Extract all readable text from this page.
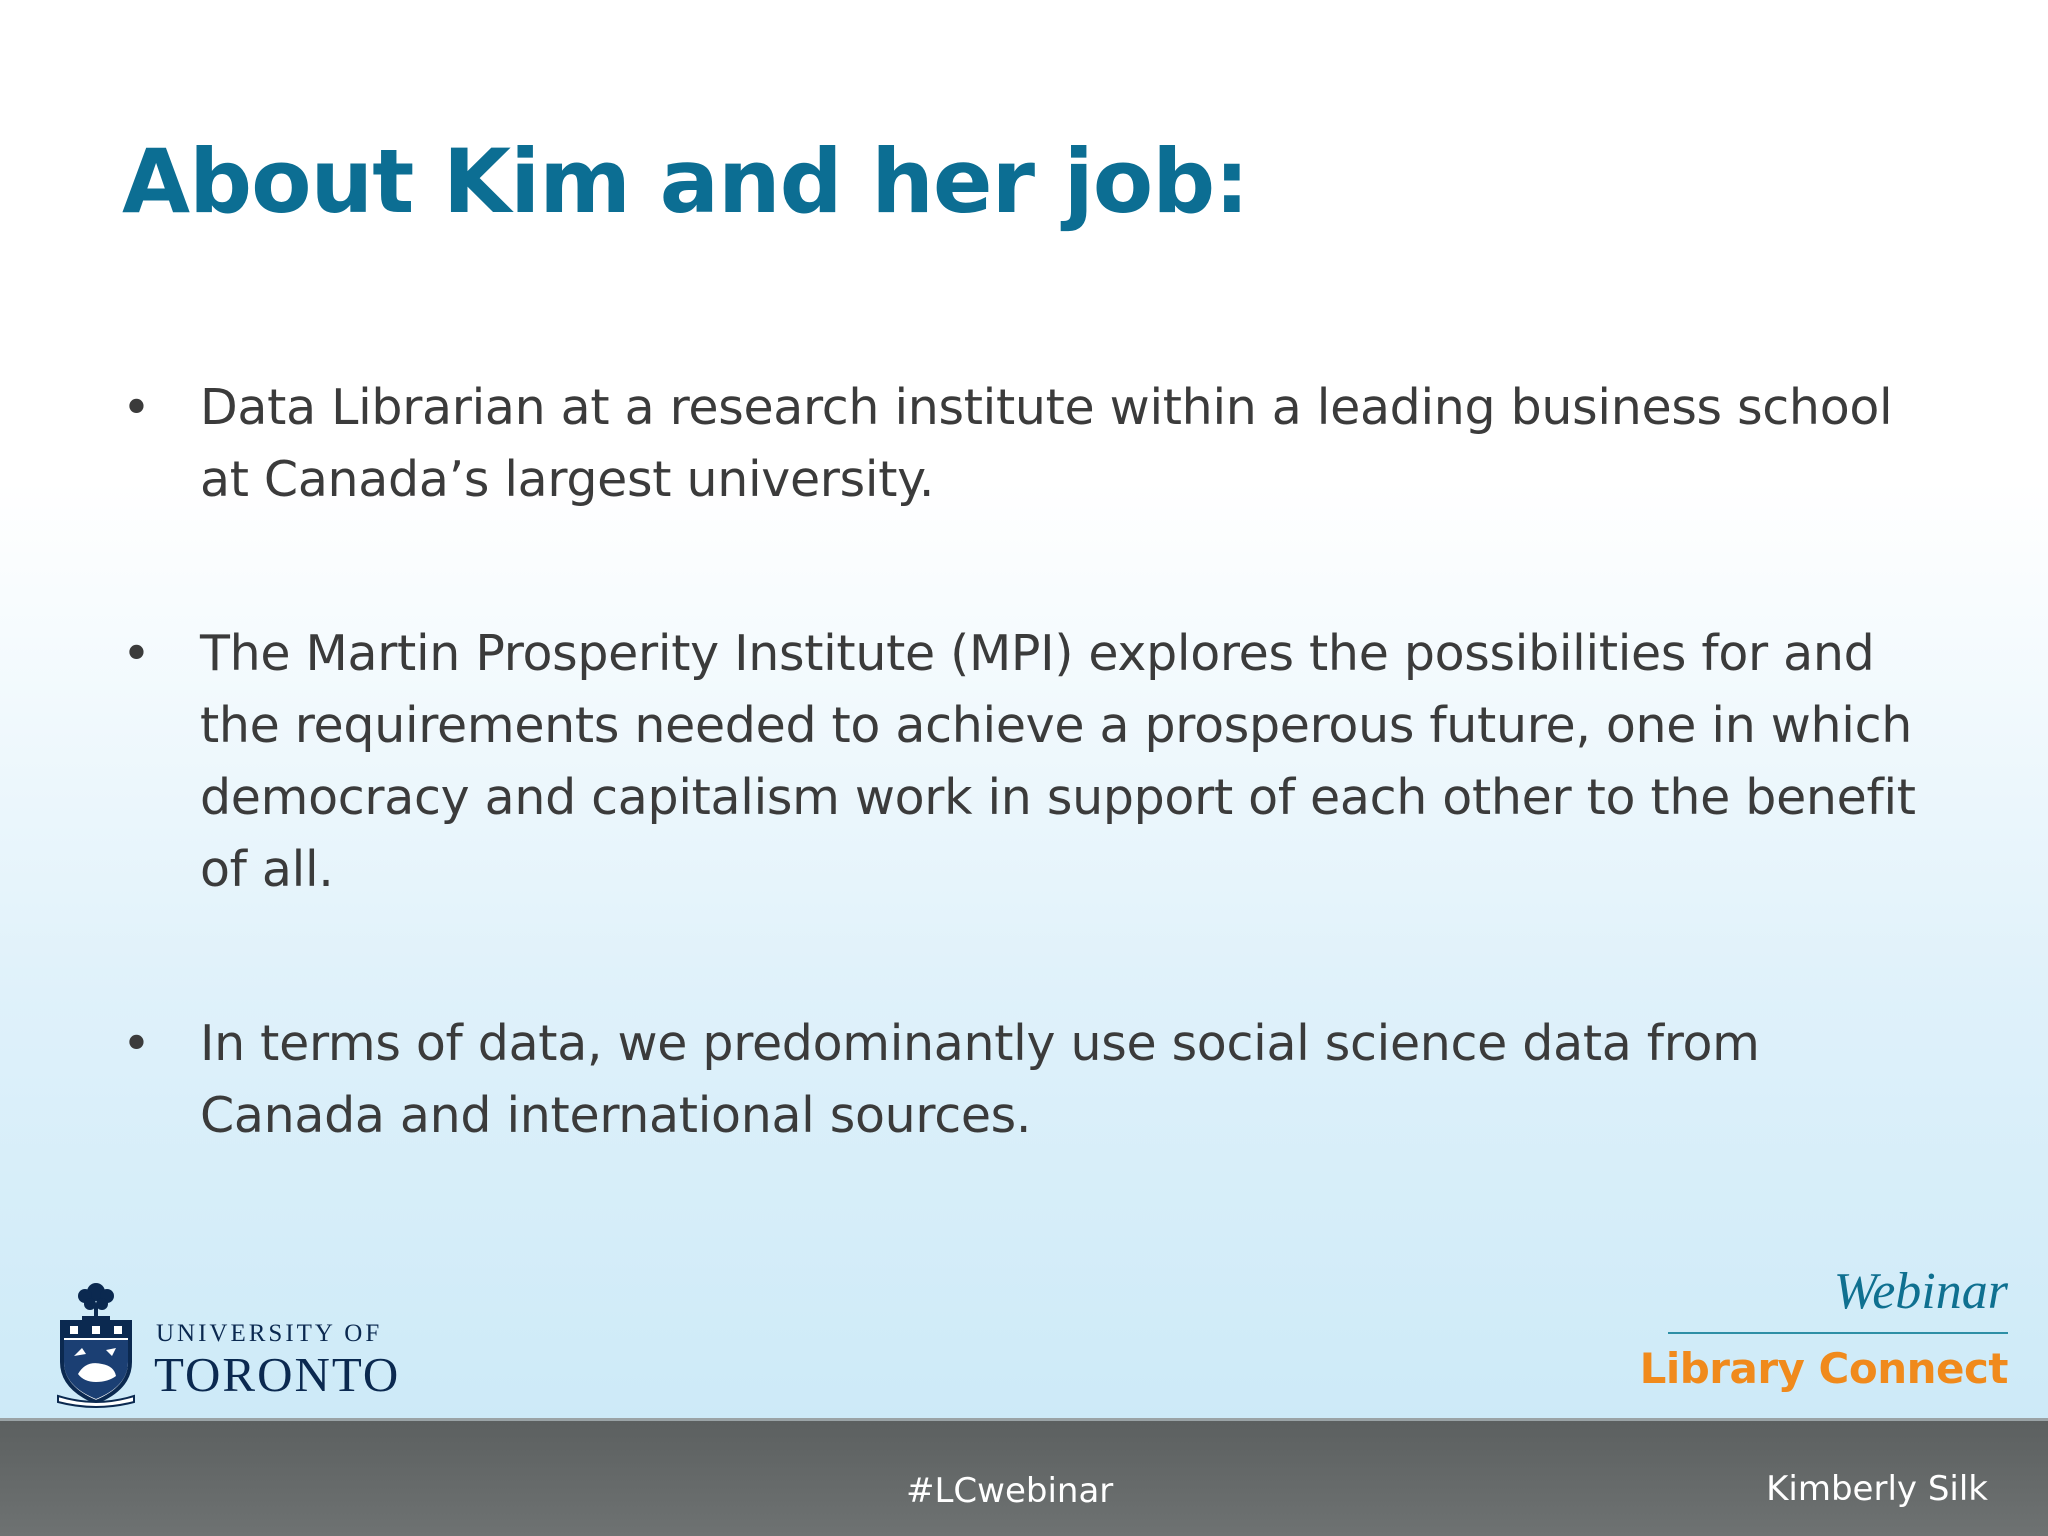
About Kim and her job:
• Data Librarian at a research institute within a leading business school at Canada’s largest university.
• The Martin Prosperity Institute (MPI) explores the possibilities for and the requirements needed to achieve a prosperous future, one in which democracy and capitalism work in support of each other to the benefit of all.
• In terms of data, we predominantly use social science data from Canada and international sources.
UNIVERSITY OF
TORONTO
Webinar
Library Connect
#LCwebinar	Kimberly Silk
